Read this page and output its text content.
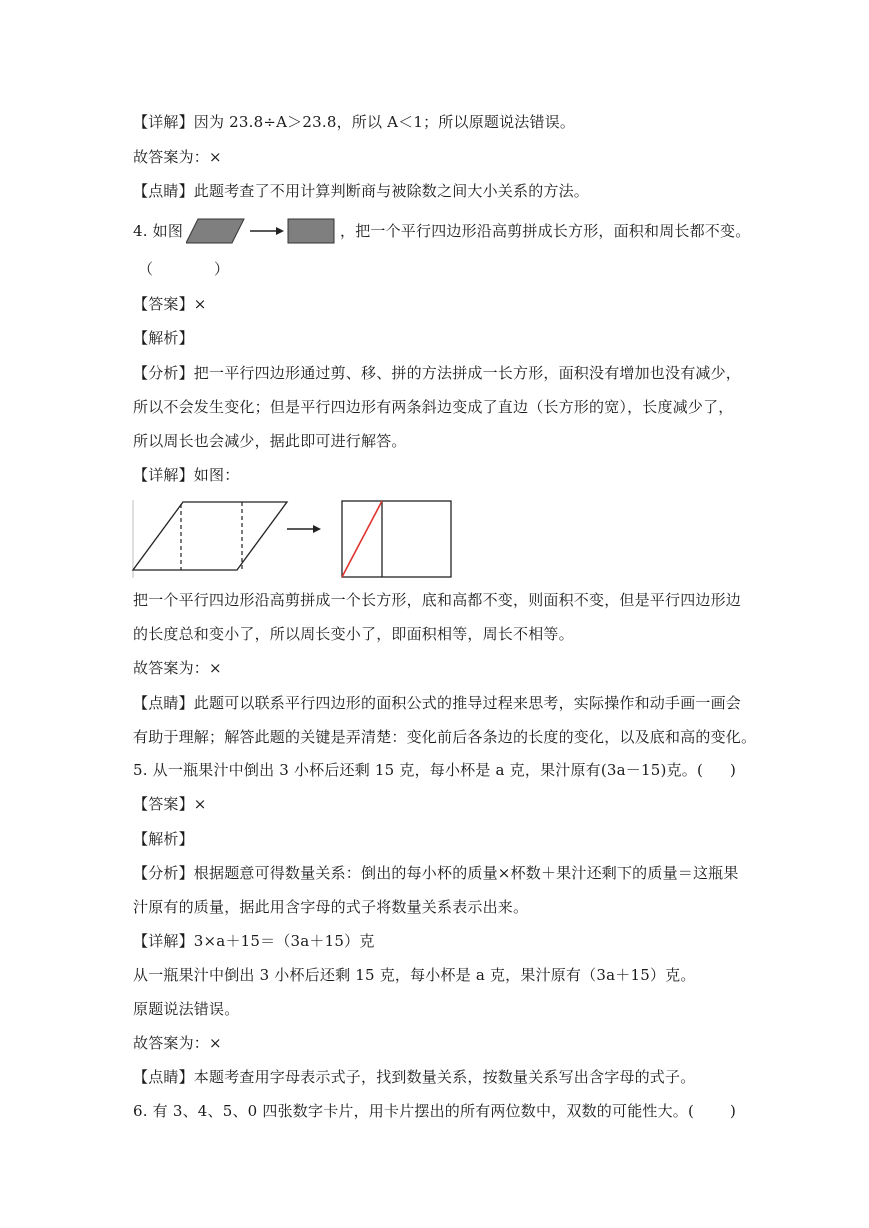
【详解】因为 23.8÷A＞23.8，所以 A＜1；所以原题说法错误。
故答案为：×
【点睛】此题考查了不用计算判断商与被除数之间大小关系的方法。
4. 如图	，把一个平行四边形沿高剪拼成长方形，面积和周长都不变。
（　　　　）
【答案】×
【解析】
【分析】把一平行四边形通过剪、移、拼的方法拼成一长方形，面积没有增加也没有减少，
所以不会发生变化；但是平行四边形有两条斜边变成了直边（长方形的宽），长度减少了，
所以周长也会减少，据此即可进行解答。
【详解】如图：
把一个平行四边形沿高剪拼成一个长方形，底和高都不变，则面积不变，但是平行四边形边
的长度总和变小了，所以周长变小了，即面积相等，周长不相等。
故答案为：×
【点睛】此题可以联系平行四边形的面积公式的推导过程来思考，实际操作和动手画一画会
有助于理解；解答此题的关键是弄清楚：变化前后各条边的长度的变化，以及底和高的变化。
5. 从一瓶果汁中倒出 3 小杯后还剩 15 克，每小杯是 a 克，果汁原有(3a－15)克。( )
【答案】×
【解析】
【分析】根据题意可得数量关系：倒出的每小杯的质量×杯数＋果汁还剩下的质量＝这瓶果
汁原有的质量，据此用含字母的式子将数量关系表示出来。
【详解】3×a＋15＝（3a＋15）克
从一瓶果汁中倒出 3 小杯后还剩 15 克，每小杯是 a 克，果汁原有（3a＋15）克。
原题说法错误。
故答案为：×
【点睛】本题考查用字母表示式子，找到数量关系，按数量关系写出含字母的式子。
6. 有 3、4、5、0 四张数字卡片，用卡片摆出的所有两位数中，双数的可能性大。( )
